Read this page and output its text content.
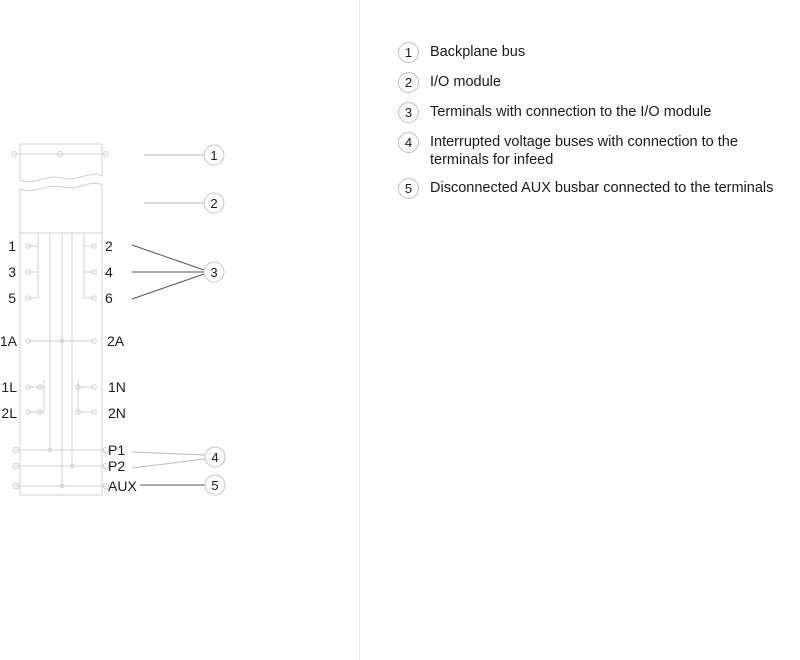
1
3
5
1A
1L
2L
2
4
6
2A
1N
2N
P1
P2
AUX
1
2
3
4
5
1	Backplane bus
2	I/O module
3	Terminals with connection to the I/O module
4	Interrupted voltage buses with connection to the terminals for infeed
5	Disconnected AUX busbar connected to the terminals
